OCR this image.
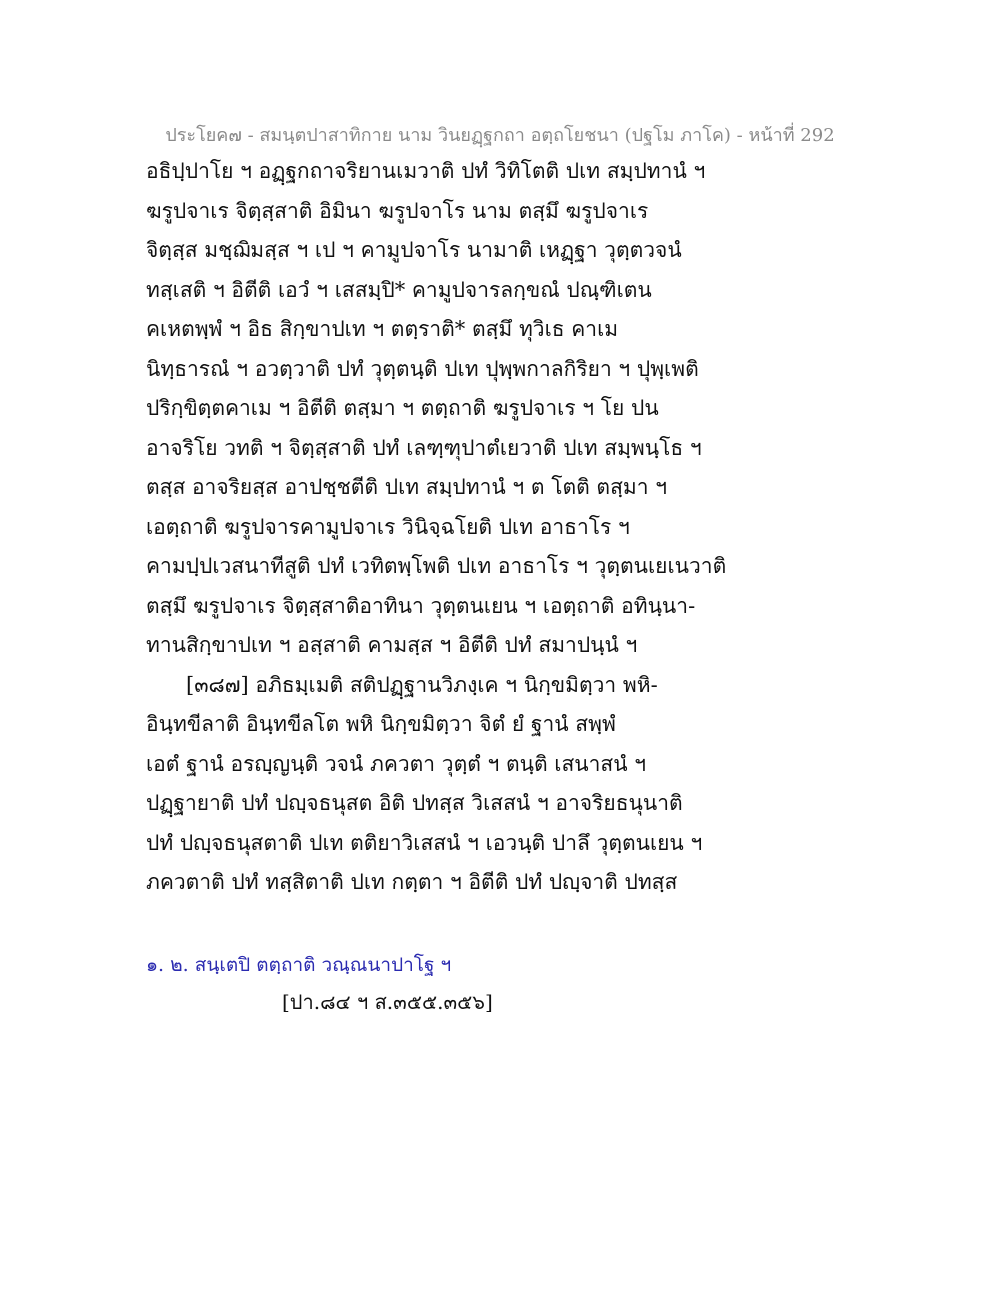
ประโยค๗ - สมนฺตปาสาทิกาย นาม วินยฏฺฐกถา อตฺถโยชนา (ปฐโม ภาโค) - หน้าที่ 292
อธิปฺปาโย ฯ อฏฺฐกถาจริยานเมวาติ ปทํ วิทิโตติ ปเท สมฺปทานํ ฯ
ฆรูปจาเร จิตฺสฺสาติ อิมินา ฆรูปจาโร นาม ตสฺมึ ฆรูปจาเร
จิตฺสฺส มชฺฌิมสฺส ฯ เป ฯ คามูปจาโร นามาติ เหฏฺฐา วุตฺตวจนํ
ทสฺเสติ ฯ อิตีติ เอวํ ฯ เสสมฺปิ* คามูปจารลกฺขณํ ปณฺฑิเตน
คเหตพฺพํ ฯ อิธ สิกฺขาปเท ฯ ตตฺราติ* ตสฺมึ ทุวิเธ คาเม
นิทฺธารณํ ฯ อวตฺวาติ ปทํ วุตฺตนฺติ ปเท ปุพฺพกาลกิริยา ฯ ปุพฺเพติ
ปริกฺขิตฺตคาเม ฯ อิตีติ ตสฺมา ฯ ตตฺถาติ ฆรูปจาเร ฯ โย ปน
อาจริโย วทติ ฯ จิตฺสฺสาติ ปทํ เลฑฺฑุปาตํเยวาติ ปเท สมฺพนฺโธ ฯ
ตสฺส อาจริยสฺส อาปชฺชตีติ ปเท สมฺปทานํ ฯ ต โตติ ตสฺมา ฯ
เอตฺถาติ ฆรูปจารคามูปจาเร วินิจฺฉโยติ ปเท อาธาโร ฯ
คามปฺปเวสนาทีสูติ ปทํ เวทิตพฺโพติ ปเท อาธาโร ฯ วุตฺตนเยเนวาติ
ตสฺมึ ฆรูปจาเร จิตฺสฺสาติอาทินา วุตฺตนเยน ฯ เอตฺถาติ อทินฺนา-
ทานสิกฺขาปเท ฯ อสฺสาติ คามสฺส ฯ อิตีติ ปทํ สมาปนฺนํ ฯ
[๓๘๗] อภิธมฺเมติ สติปฏฺฐานวิภงฺเค ฯ นิกฺขมิตฺวา พหิ-
อินฺทขีลาติ อินฺทขีลโต พหิ นิกฺขมิตฺวา จิตํ ยํ ฐานํ สพฺพํ
เอตํ ฐานํ อรญฺญนฺติ วจนํ ภควตา วุตฺตํ ฯ ตนฺติ เสนาสนํ ฯ
ปฏฺฐายาติ ปทํ ปญฺจธนุสต อิติ ปทสฺส วิเสสนํ ฯ อาจริยธนุนาติ
ปทํ ปญฺจธนุสตาติ ปเท ตติยาวิเสสนํ ฯ เอวนฺติ ปาลึ วุตฺตนเยน ฯ
ภควตาติ ปทํ ทสฺสิตาติ ปเท กตฺตา ฯ อิตีติ ปทํ ปญฺจาติ ปทสฺส
๑. ๒. สนฺเตปิ ตตฺถาติ วณฺณนาปาโฐ ฯ
[ปา.๘๔ ฯ ส.๓๕๕.๓๕๖]
